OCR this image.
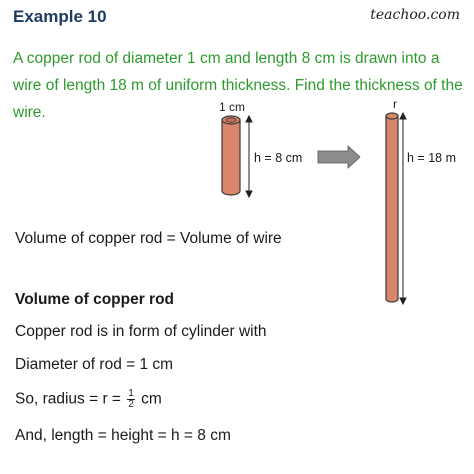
Example 10	teachoo.com
A copper rod of diameter 1 cm and length 8 cm is drawn into a wire of length 18 m of uniform thickness. Find the thickness of the wire.	1 cm
h = 8 cm
r
h = 18 m
Volume of copper rod = Volume of wire
Volume of copper rod
Copper rod is in form of cylinder with
Diameter of rod = 1 cm
So, radius = $r = \frac{1}{2}$ cm
And, length = height = h = 8 cm
